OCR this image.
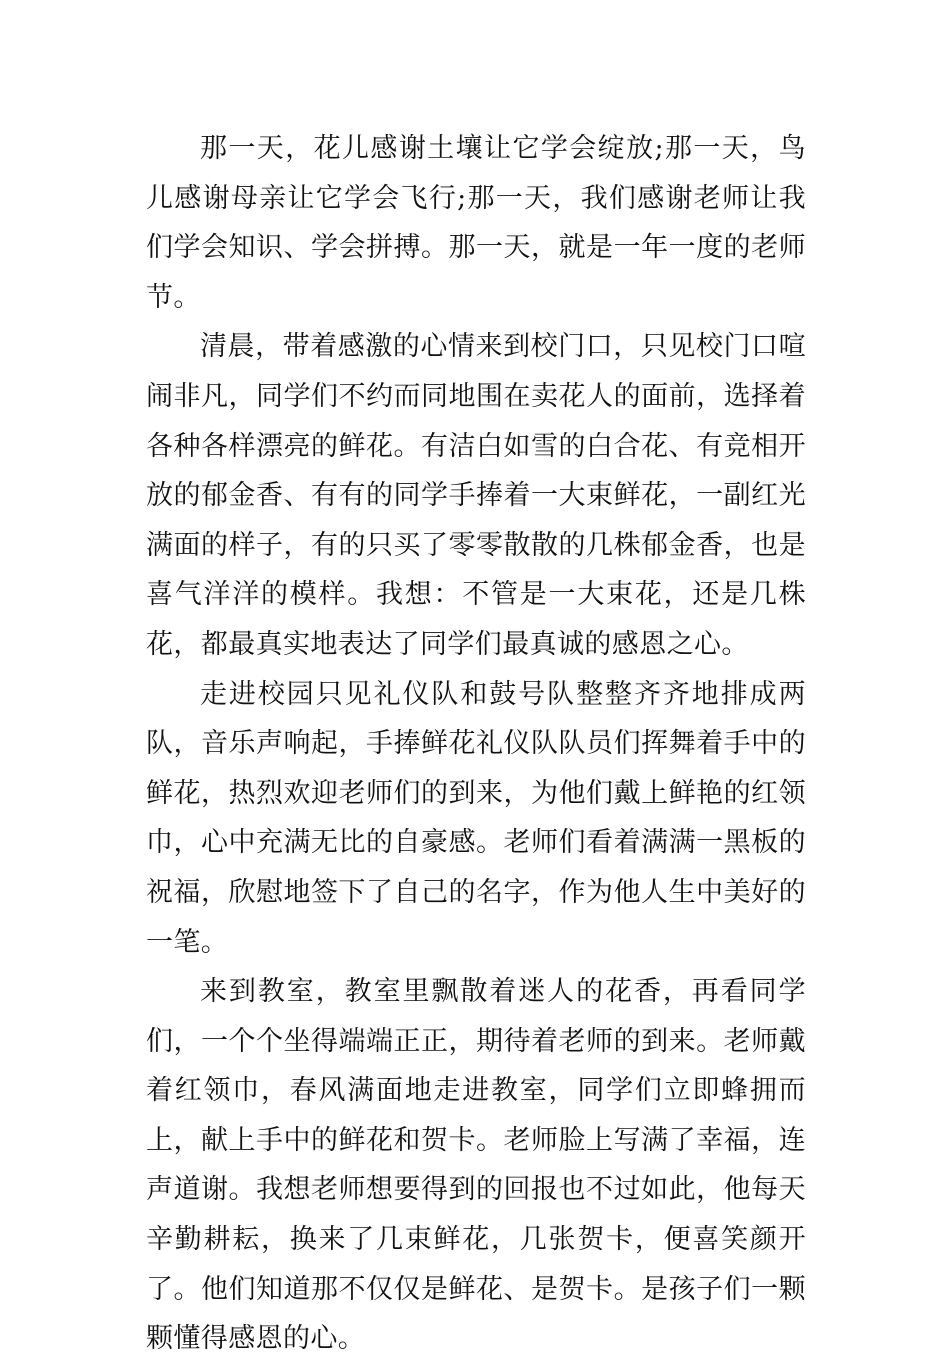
那一天，花儿感谢土壤让它学会绽放;那一天，鸟儿感谢母亲让它学会飞行;那一天，我们感谢老师让我们学会知识、学会拼搏。那一天，就是一年一度的老师节。

清晨，带着感激的心情来到校门口，只见校门口喧闹非凡，同学们不约而同地围在卖花人的面前，选择着各种各样漂亮的鲜花。有洁白如雪的白合花、有竞相开放的郁金香、有有的同学手捧着一大束鲜花，一副红光满面的样子，有的只买了零零散散的几株郁金香，也是喜气洋洋的模样。我想：不管是一大束花，还是几株花，都最真实地表达了同学们最真诚的感恩之心。

走进校园只见礼仪队和鼓号队整整齐齐地排成两队，音乐声响起，手捧鲜花礼仪队队员们挥舞着手中的鲜花，热烈欢迎老师们的到来，为他们戴上鲜艳的红领巾，心中充满无比的自豪感。老师们看着满满一黑板的祝福，欣慰地签下了自己的名字，作为他人生中美好的一笔。

来到教室，教室里飘散着迷人的花香，再看同学们，一个个坐得端端正正，期待着老师的到来。老师戴着红领巾，春风满面地走进教室，同学们立即蜂拥而上，献上手中的鲜花和贺卡。老师脸上写满了幸福，连声道谢。我想老师想要得到的回报也不过如此，他每天辛勤耕耘，换来了几束鲜花，几张贺卡，便喜笑颜开了。他们知道那不仅仅是鲜花、是贺卡。是孩子们一颗颗懂得感恩的心。
